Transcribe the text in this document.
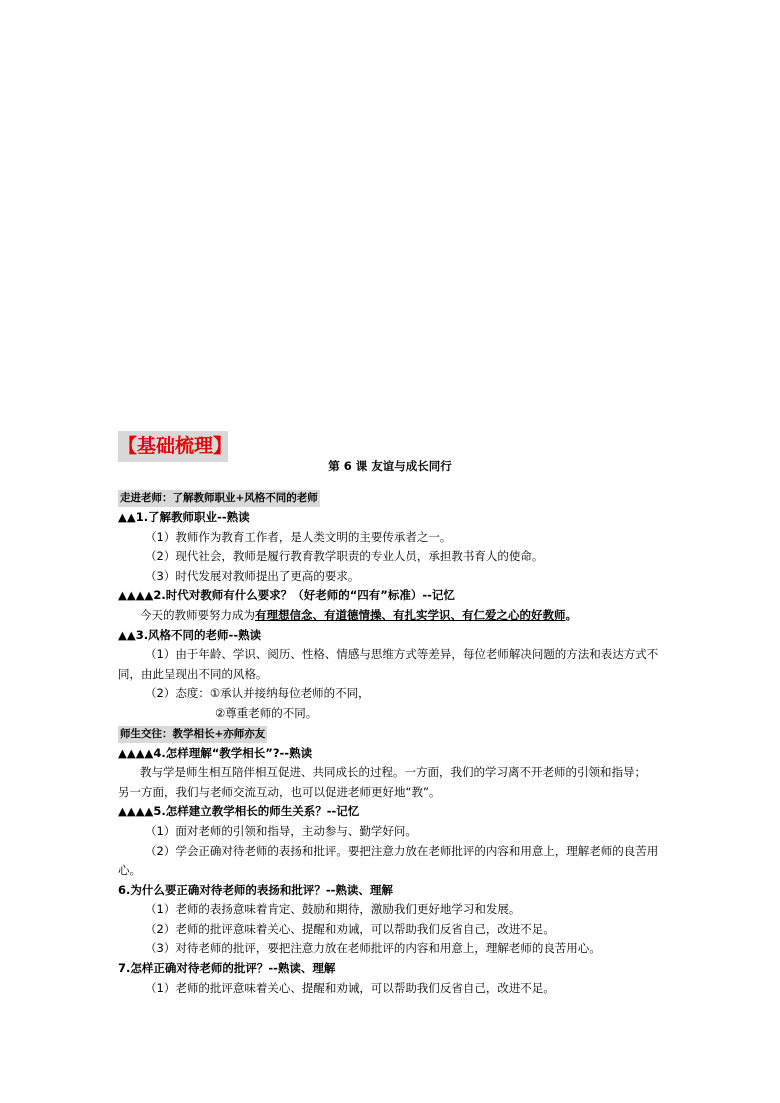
【基础梳理】
第 6 课 友谊与成长同行
走进老师：了解教师职业+风格不同的老师
▲▲1.了解教师职业--熟读
（1）教师作为教育工作者，是人类文明的主要传承者之一。
（2）现代社会，教师是履行教育教学职责的专业人员，承担教书育人的使命。
（3）时代发展对教师提出了更高的要求。
▲▲▲▲2.时代对教师有什么要求？（好老师的“四有”标准）--记忆
今天的教师要努力成为有理想信念、有道德情操、有扎实学识、有仁爱之心的好教师。
▲▲3.风格不同的老师--熟读
（1）由于年龄、学识、阅历、性格、情感与思维方式等差异，每位老师解决问题的方法和表达方式不
同，由此呈现出不同的风格。
（2）态度：①承认并接纳每位老师的不同，
②尊重老师的不同。
师生交往：教学相长+亦师亦友
▲▲▲▲4.怎样理解“教学相长”?--熟读
教与学是师生相互陪伴相互促进、共同成长的过程。一方面，我们的学习离不开老师的引领和指导；
另一方面，我们与老师交流互动，也可以促进老师更好地“教”。
▲▲▲▲5.怎样建立教学相长的师生关系？--记忆
（1）面对老师的引领和指导，主动参与、勤学好问。
（2）学会正确对待老师的表扬和批评。要把注意力放在老师批评的内容和用意上，理解老师的良苦用
心。
6.为什么要正确对待老师的表扬和批评？--熟读、理解
（1）老师的表扬意味着肯定、鼓励和期待，激励我们更好地学习和发展。
（2）老师的批评意味着关心、提醒和劝诫，可以帮助我们反省自己，改进不足。
（3）对待老师的批评，要把注意力放在老师批评的内容和用意上，理解老师的良苦用心。
7.怎样正确对待老师的批评？--熟读、理解
（1）老师的批评意味着关心、提醒和劝诫，可以帮助我们反省自己，改进不足。
